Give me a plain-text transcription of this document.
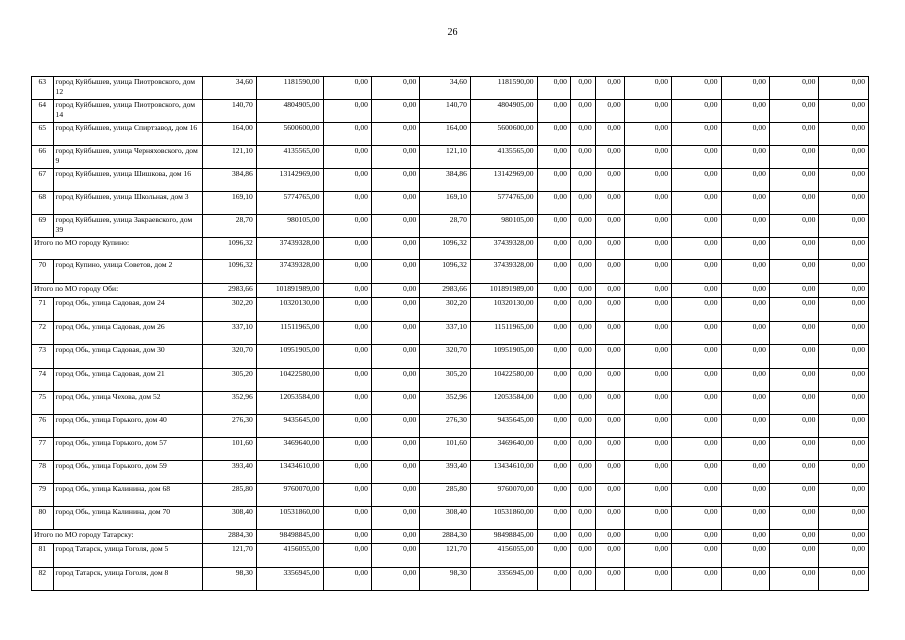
26
63	город Куйбышев, улица Пиотровского, дом 12	34,60	1181590,00	0,00	0,00	34,60	1181590,00	0,00	0,00	0,00	0,00	0,00	0,00	0,00	0,00
64	город Куйбышев, улица Пиотровского, дом 14	140,70	4804905,00	0,00	0,00	140,70	4804905,00	0,00	0,00	0,00	0,00	0,00	0,00	0,00	0,00
65	город Куйбышев, улица Спиртзавод, дом 16	164,00	5600600,00	0,00	0,00	164,00	5600600,00	0,00	0,00	0,00	0,00	0,00	0,00	0,00	0,00
66	город Куйбышев, улица Черняховского, дом 9	121,10	4135565,00	0,00	0,00	121,10	4135565,00	0,00	0,00	0,00	0,00	0,00	0,00	0,00	0,00
67	город Куйбышев, улица Шишкова, дом 16	384,86	13142969,00	0,00	0,00	384,86	13142969,00	0,00	0,00	0,00	0,00	0,00	0,00	0,00	0,00
68	город Куйбышев, улица Школьная, дом 3	169,10	5774765,00	0,00	0,00	169,10	5774765,00	0,00	0,00	0,00	0,00	0,00	0,00	0,00	0,00
69	город Куйбышев, улица Закраевского, дом 39	28,70	980105,00	0,00	0,00	28,70	980105,00	0,00	0,00	0,00	0,00	0,00	0,00	0,00	0,00
Итого по МО городу Купино:		1096,32	37439328,00	0,00	0,00	1096,32	37439328,00	0,00	0,00	0,00	0,00	0,00	0,00	0,00	0,00
70	город Купино, улица Советов, дом 2	1096,32	37439328,00	0,00	0,00	1096,32	37439328,00	0,00	0,00	0,00	0,00	0,00	0,00	0,00	0,00
Итого по МО городу Оби:		2983,66	101891989,00	0,00	0,00	2983,66	101891989,00	0,00	0,00	0,00	0,00	0,00	0,00	0,00	0,00
71	город Обь, улица Садовая, дом 24	302,20	10320130,00	0,00	0,00	302,20	10320130,00	0,00	0,00	0,00	0,00	0,00	0,00	0,00	0,00
72	город Обь, улица Садовая, дом 26	337,10	11511965,00	0,00	0,00	337,10	11511965,00	0,00	0,00	0,00	0,00	0,00	0,00	0,00	0,00
73	город Обь, улица Садовая, дом 30	320,70	10951905,00	0,00	0,00	320,70	10951905,00	0,00	0,00	0,00	0,00	0,00	0,00	0,00	0,00
74	город Обь, улица Садовая, дом 21	305,20	10422580,00	0,00	0,00	305,20	10422580,00	0,00	0,00	0,00	0,00	0,00	0,00	0,00	0,00
75	город Обь, улица Чехова, дом 52	352,96	12053584,00	0,00	0,00	352,96	12053584,00	0,00	0,00	0,00	0,00	0,00	0,00	0,00	0,00
76	город Обь, улица Горького, дом 40	276,30	9435645,00	0,00	0,00	276,30	9435645,00	0,00	0,00	0,00	0,00	0,00	0,00	0,00	0,00
77	город Обь, улица Горького, дом 57	101,60	3469640,00	0,00	0,00	101,60	3469640,00	0,00	0,00	0,00	0,00	0,00	0,00	0,00	0,00
78	город Обь, улица Горького, дом 59	393,40	13434610,00	0,00	0,00	393,40	13434610,00	0,00	0,00	0,00	0,00	0,00	0,00	0,00	0,00
79	город Обь, улица Калинина, дом 68	285,80	9760070,00	0,00	0,00	285,80	9760070,00	0,00	0,00	0,00	0,00	0,00	0,00	0,00	0,00
80	город Обь, улица Калинина, дом 70	308,40	10531860,00	0,00	0,00	308,40	10531860,00	0,00	0,00	0,00	0,00	0,00	0,00	0,00	0,00
Итого по МО городу Татарску:		2884,30	98498845,00	0,00	0,00	2884,30	98498845,00	0,00	0,00	0,00	0,00	0,00	0,00	0,00	0,00
81	город Татарск, улица Гоголя, дом 5	121,70	4156055,00	0,00	0,00	121,70	4156055,00	0,00	0,00	0,00	0,00	0,00	0,00	0,00	0,00
82	город Татарск, улица Гоголя, дом 8	98,30	3356945,00	0,00	0,00	98,30	3356945,00	0,00	0,00	0,00	0,00	0,00	0,00	0,00	0,00
